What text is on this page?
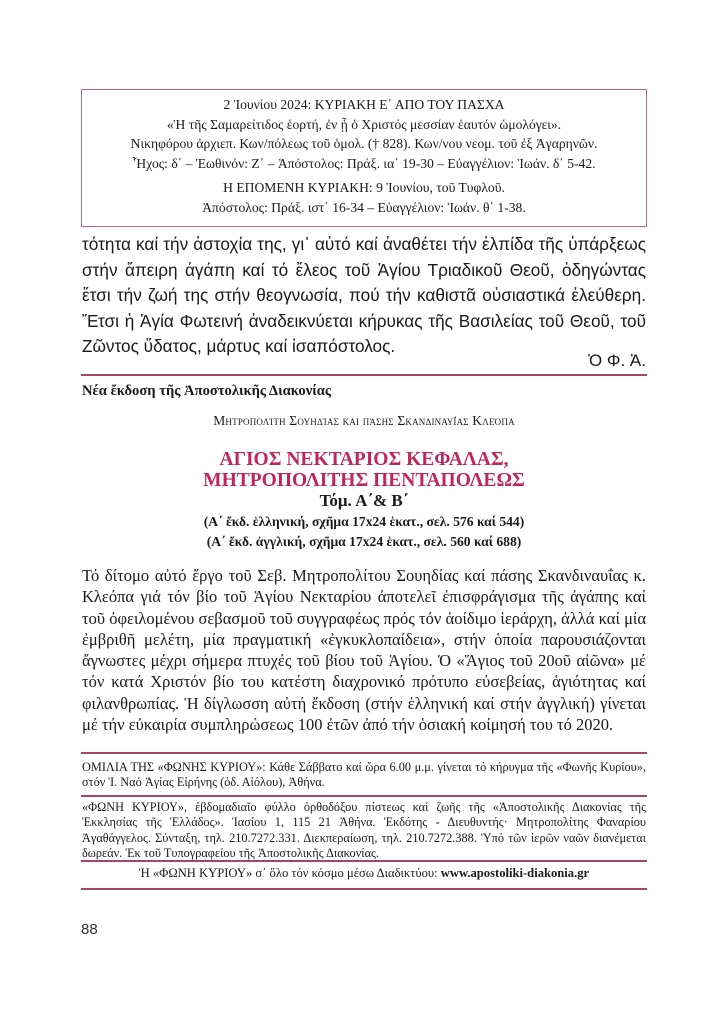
2 Ἰουνίου 2024: ΚΥΡΙΑΚΗ Ε΄ ΑΠΟ ΤΟΥ ΠΑΣΧΑ
«Ἡ τῆς Σαμαρείτιδος ἑορτή, ἐν ᾗ ὁ Χριστός μεσσίαν ἑαυτόν ὡμολόγει».
Νικηφόρου ἀρχιεπ. Κων/πόλεως τοῦ ὁμολ. († 828). Κων/νου νεομ. τοῦ ἐξ Ἀγαρηνῶν.
Ἦχος: δ΄ – Ἑωθινόν: Ζ΄ – Ἀπόστολος: Πράξ. ια΄ 19-30 – Εὐαγγέλιον: Ἰωάν. δ΄ 5-42.
Η ΕΠΟΜΕΝΗ ΚΥΡΙΑΚΗ: 9 Ἰουνίου, τοῦ Τυφλοῦ.
Ἀπόστολος: Πράξ. ιστ΄ 16-34 – Εὐαγγέλιον: Ἰωάν. θ΄ 1-38.
τότητα καί τήν ἀστοχία της, γι᾽ αὐτό καί ἀναθέτει τήν ἐλπίδα τῆς ὑπάρξεως στήν ἄπειρη ἀγάπη καί τό ἔλεος τοῦ Ἁγίου Τριαδικοῦ Θεοῦ, ὁδηγώντας ἔτσι τήν ζωή της στήν θεογνωσία, πού τήν καθιστᾶ οὐσιαστικά ἐλεύθερη. Ἔτσι ἡ Ἁγία Φωτεινή ἀναδεικνύεται κήρυκας τῆς Βασιλείας τοῦ Θεοῦ, τοῦ Ζῶντος ὕδατος, μάρτυς καί ἰσαπόστολος.
Ὁ Φ. Ἀ.
Νέα ἔκδοση τῆς Ἀποστολικῆς Διακονίας
Μητροπολίτη Σουηδίας και πάσης Σκανδιναυΐας Κλεόπα
ΑΓΙΟΣ ΝΕΚΤΑΡΙΟΣ ΚΕΦΑΛΑΣ,
ΜΗΤΡΟΠΟΛΙΤΗΣ ΠΕΝΤΑΠΟΛΕΩΣ
Τόμ. Α΄& Β΄
(Α΄ ἔκδ. ἑλληνική, σχῆμα 17x24 ἑκατ., σελ. 576 καί 544)
(Α΄ ἔκδ. ἀγγλική, σχῆμα 17x24 ἑκατ., σελ. 560 καί 688)
Τό δίτομο αὐτό ἔργο τοῦ Σεβ. Μητροπολίτου Σουηδίας καί πάσης Σκανδιναυΐας κ. Κλεόπα γιά τόν βίο τοῦ Ἁγίου Νεκταρίου ἀποτελεῖ ἐπισφράγισμα τῆς ἀγάπης καί τοῦ ὀφειλομένου σεβασμοῦ τοῦ συγγραφέως πρός τόν ἀοίδιμο ἱεράρχη, ἀλλά καί μία ἐμβριθῆ μελέτη, μία πραγματική «ἐγκυκλοπαίδεια», στήν ὁποία παρουσιάζονται ἄγνωστες μέχρι σήμερα πτυχές τοῦ βίου τοῦ Ἁγίου. Ὁ «Ἅγιος τοῦ 20οῦ αἰῶνα» μέ τόν κατά Χριστόν βίο του κατέστη διαχρονικό πρότυπο εὐσεβείας, ἁγιότητας καί φιλανθρωπίας. Ἡ δίγλωσση αὐτή ἔκδοση (στήν ἑλληνική καί στήν ἀγγλική) γίνεται μέ τήν εὐκαιρία συμπληρώσεως 100 ἐτῶν ἀπό τήν ὁσιακή κοίμησή του τό 2020.
ΟΜΙΛΙΑ ΤΗΣ «ΦΩΝΗΣ ΚΥΡΙΟΥ»: Κάθε Σάββατο καί ὥρα 6.00 μ.μ. γίνεται τό κήρυγμα τῆς «Φωνῆς Κυρίου», στόν Ἱ. Ναό Ἁγίας Εἰρήνης (ὁδ. Αἰόλου), Ἀθήνα.
«ΦΩΝΗ ΚΥΡΙΟΥ», ἑβδομαδιαῖο φύλλο ὀρθοδόξου πίστεως καί ζωῆς τῆς «Ἀποστολικῆς Διακονίας τῆς Ἐκκλησίας τῆς Ἑλλάδος». Ἰασίου 1, 115 21 Ἀθήνα. Ἐκδότης - Διευθυντής· Μητροπολίτης Φαναρίου Ἀγαθάγγελος. Σύνταξη, τηλ. 210.7272.331. Διεκπεραίωση, τηλ. 210.7272.388. Ὑπό τῶν ἱερῶν ναῶν διανέμεται δωρεάν. Ἐκ τοῦ Τυπογραφείου τῆς Ἀποστολικῆς Διακονίας.
Ἡ «ΦΩΝΗ ΚΥΡΙΟΥ» σ᾽ ὅλο τόν κόσμο μέσω Διαδικτύου: www.apostoliki-diakonia.gr
88
